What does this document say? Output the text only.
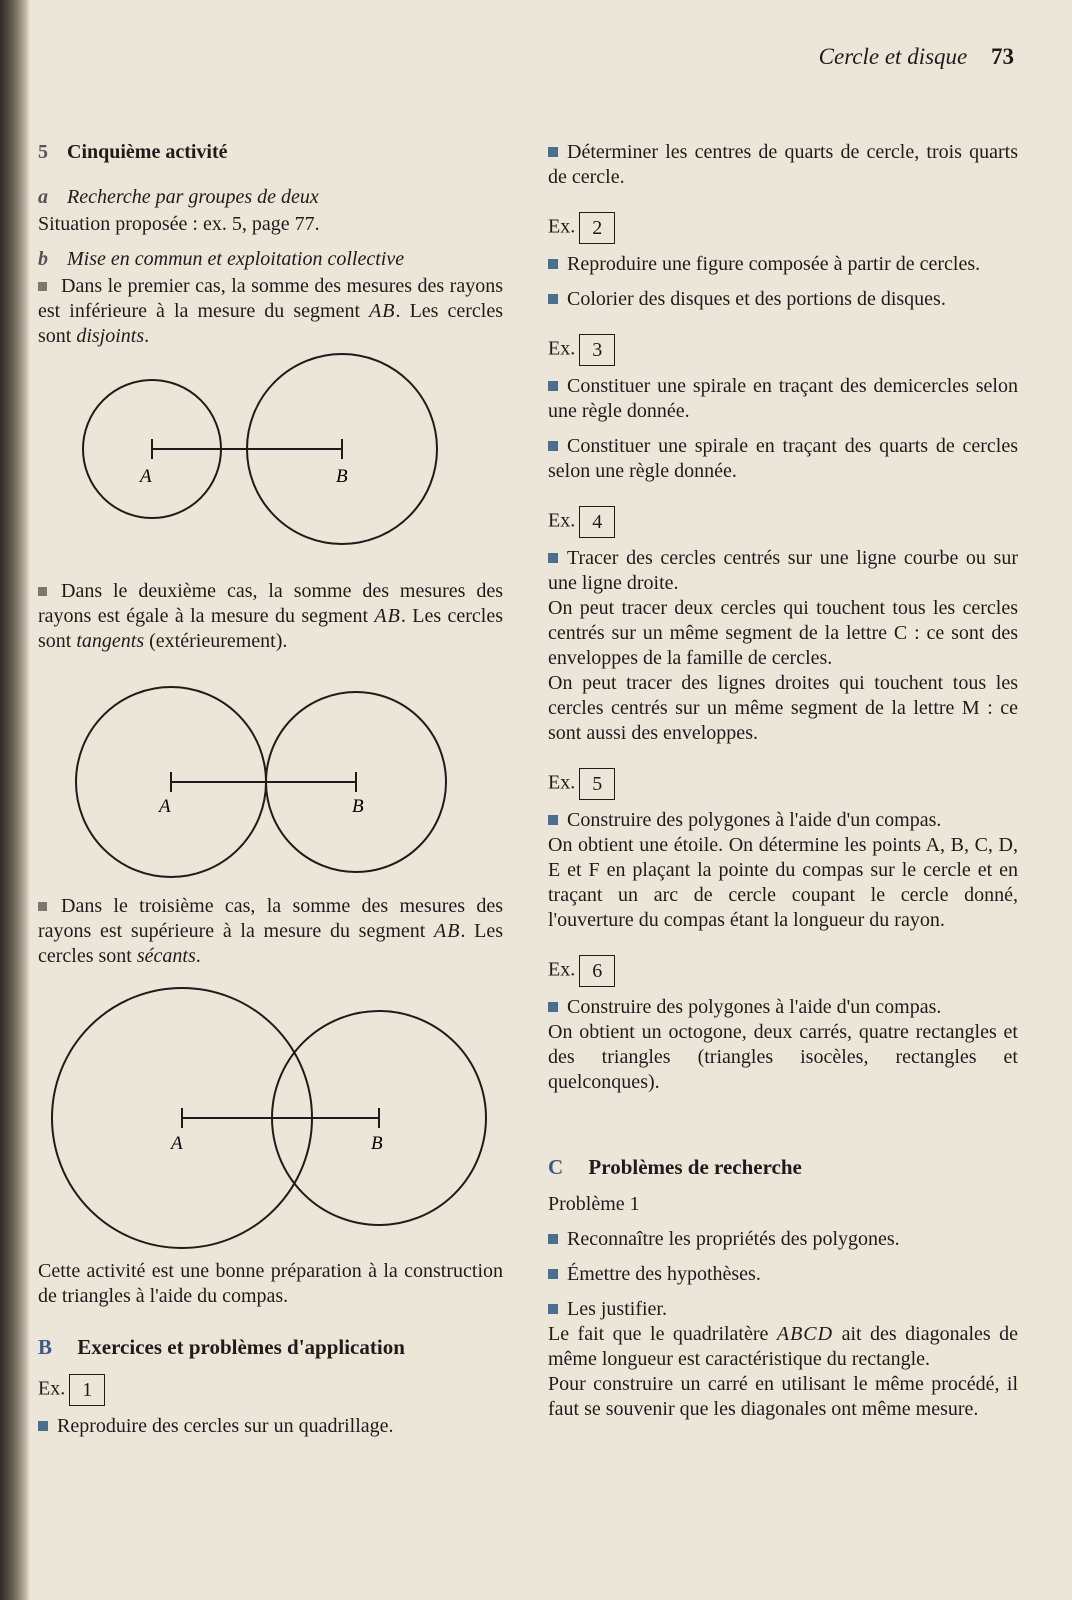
Cercle et disque 73
5 Cinquième activité

a Recherche par groupes de deux

Situation proposée : ex. 5, page 77.

b Mise en commun et exploitation collective

Dans le premier cas, la somme des mesures des rayons est inférieure à la mesure du segment AB. Les cercles sont disjoints.

A	B

Dans le deuxième cas, la somme des mesures des rayons est égale à la mesure du segment AB. Les cercles sont tangents (extérieurement).

A	B

Dans le troisième cas, la somme des mesures des rayons est supérieure à la mesure du segment AB. Les cercles sont sécants.

A	B

Cette activité est une bonne préparation à la construction de triangles à l'aide du compas.

B Exercices et problèmes d'application
Ex. 1

Reproduire des cercles sur un quadrillage.

Déterminer les centres de quarts de cercle, trois quarts de cercle.

Ex. 2

Reproduire une figure composée à partir de cercles.

Colorier des disques et des portions de disques.

Ex. 3

Constituer une spirale en traçant des demicercles selon une règle donnée.

Constituer une spirale en traçant des quarts de cercles selon une règle donnée.

Ex. 4

Tracer des cercles centrés sur une ligne courbe ou sur une ligne droite.

On peut tracer deux cercles qui touchent tous les cercles centrés sur un même segment de la lettre C : ce sont des enveloppes de la famille de cercles.

On peut tracer des lignes droites qui touchent tous les cercles centrés sur un même segment de la lettre M : ce sont aussi des enveloppes.

Ex. 5

Construire des polygones à l'aide d'un compas.

On obtient une étoile. On détermine les points A, B, C, D, E et F en plaçant la pointe du compas sur le cercle et en traçant un arc de cercle coupant le cercle donné, l'ouverture du compas étant la longueur du rayon.

Ex. 6

Construire des polygones à l'aide d'un compas.

On obtient un octogone, deux carrés, quatre rectangles et des triangles (triangles isocèles, rectangles et quelconques).

C Problèmes de recherche

Problème 1

Reconnaître les propriétés des polygones.

Émettre des hypothèses.

Les justifier.

Le fait que le quadrilatère ABCD ait des diagonales de même longueur est caractéristique du rectangle.

Pour construire un carré en utilisant le même procédé, il faut se souvenir que les diagonales ont même mesure.
